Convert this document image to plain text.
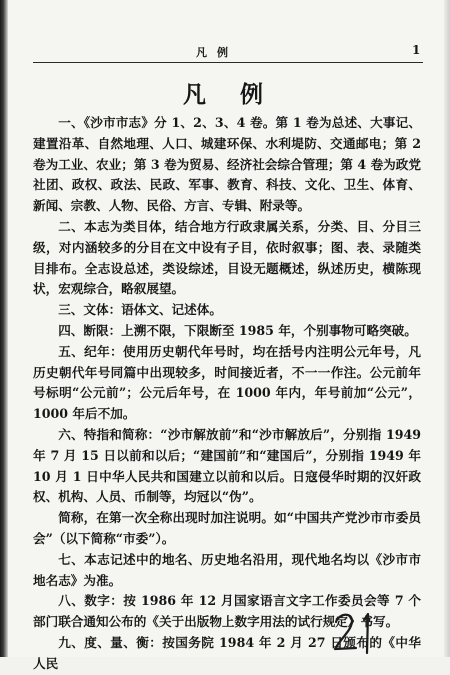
凡例	1
凡例

一、《沙市市志》分 1、2、3、4 卷。第 1 卷为总述、大事记、建置沿革、自然地理、人口、城建环保、水利堤防、交通邮电；第 2 卷为工业、农业；第 3 卷为贸易、经济社会综合管理；第 4 卷为政党社团、政权、政法、民政、军事、教育、科技、文化、卫生、体育、新闻、宗教、人物、民俗、方言、专辑、附录等。

二、本志为类目体，结合地方行政隶属关系，分类、目、分目三级，对内涵较多的分目在文中设有子目，依时叙事；图、表、录随类目排布。全志设总述，类设综述，目设无题概述，纵述历史，横陈现状，宏观综合，略叙展望。

三、文体：语体文、记述体。

四、断限：上溯不限，下限断至 1985 年，个别事物可略突破。

五、纪年：使用历史朝代年号时，均在括号内注明公元年号，凡历史朝代年号同篇中出现较多，时间接近者，不一一作注。公元前年号标明“公元前”；公元后年号，在 1000 年内，年号前加“公元”，1000 年后不加。

六、特指和简称：“沙市解放前”和“沙市解放后”，分别指 1949 年 7 月 15 日以前和以后；“建国前”和“建国后”，分别指 1949 年 10 月 1 日中华人民共和国建立以前和以后。日寇侵华时期的汉奸政权、机构、人员、币制等，均冠以“伪”。

简称，在第一次全称出现时加注说明。如“中国共产党沙市市委员会”（以下简称“市委”）。

七、本志记述中的地名、历史地名沿用，现代地名均以《沙市市地名志》为准。

八、数字：按 1986 年 12 月国家语言文字工作委员会等 7 个部门联合通知公布的《关于出版物上数字用法的试行规定》书写。

九、度、量、衡：按国务院 1984 年 2 月 27 日颁布的《中华人民
